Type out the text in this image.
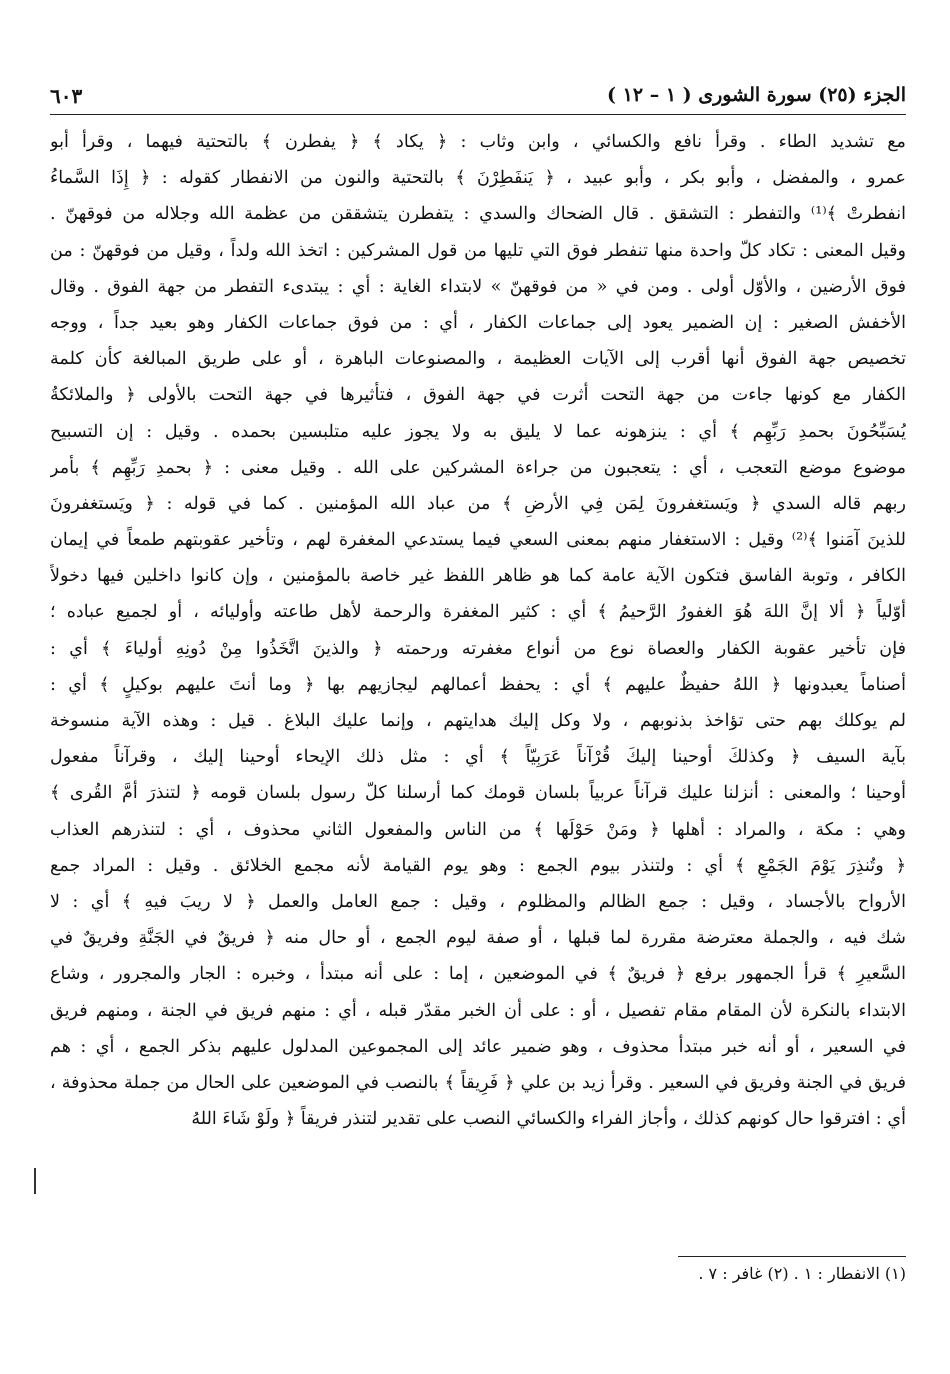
الجزء (٢٥) سورة الشورى ( ١ – ١٢ )
٦٠٣
مع تشديد الطاء . وقرأ نافع والكسائي ، وابن وثاب : ﴿ يكاد ﴾ ﴿ يفطرن ﴾ بالتحتية فيهما ، وقرأ أبو
عمرو ، والمفضل ، وأبو بكر ، وأبو عبيد ، ﴿ يَنفَطِرْنَ ﴾ بالتحتية والنون من الانفطار كقوله : ﴿ إِذَا السَّماءُ
انفطرتْ ﴾⁽¹⁾ والتفطر : التشقق . قال الضحاك والسدي : يتفطرن يتشققن من عظمة الله وجلاله من فوقهنّ .
وقيل المعنى : تكاد كلّ واحدة منها تنفطر فوق التي تليها من قول المشركين : اتخذ الله ولداً ، وقيل من فوقهنّ : من
فوق الأرضين ، والأوّل أولى . ومن في « من فوقهنّ » لابتداء الغاية : أي : يبتدىء التفطر من جهة الفوق . وقال
الأخفش الصغير : إن الضمير يعود إلى جماعات الكفار ، أي : من فوق جماعات الكفار وهو بعيد جداً ، ووجه
تخصيص جهة الفوق أنها أقرب إلى الآيات العظيمة ، والمصنوعات الباهرة ، أو على طريق المبالغة كأن كلمة
الكفار مع كونها جاءت من جهة التحت أثرت في جهة الفوق ، فتأثيرها في جهة التحت بالأولى ﴿ والملائكةُ
يُسَبِّحُونَ بحمدِ رَبِّهِم ﴾ أي : ينزهونه عما لا يليق به ولا يجوز عليه متلبسين بحمده . وقيل : إن التسبيح
موضوع موضع التعجب ، أي : يتعجبون من جراءة المشركين على الله . وقيل معنى : ﴿ بحمدِ رَبِّهِم ﴾ بأمر
ربهم قاله السدي ﴿ ويَستغفرونَ لِمَن فِي الأرضِ ﴾ من عباد الله المؤمنين . كما في قوله : ﴿ ويَستغفرونَ
للذينَ آمَنوا ﴾⁽²⁾ وقيل : الاستغفار منهم بمعنى السعي فيما يستدعي المغفرة لهم ، وتأخير عقوبتهم طمعاً في إيمان
الكافر ، وتوبة الفاسق فتكون الآية عامة كما هو ظاهر اللفظ غير خاصة بالمؤمنين ، وإن كانوا داخلين فيها دخولاً
أوّلياً ﴿ ألا إنَّ اللهَ هُوَ الغفورُ الرَّحيمُ ﴾ أي : كثير المغفرة والرحمة لأهل طاعته وأوليائه ، أو لجميع عباده ؛
فإن تأخير عقوبة الكفار والعصاة نوع من أنواع مغفرته ورحمته ﴿ والذينَ اتَّخَذُوا مِنْ دُونِهِ أولياءَ ﴾ أي :
أصناماً يعبدونها ﴿ اللهُ حفيظٌ عليهم ﴾ أي : يحفظ أعمالهم ليجازيهم بها ﴿ وما أنتَ عليهم بوكيلٍ ﴾ أي :
لم يوكلك بهم حتى تؤاخذ بذنوبهم ، ولا وكل إليك هدايتهم ، وإنما عليك البلاغ . قيل : وهذه الآية منسوخة
بآية السيف ﴿ وكذلكَ أوحينا إليكَ قُرْآناً عَرَبِيّاً ﴾ أي : مثل ذلك الإيحاء أوحينا إليك ، وقرآناً مفعول
أوحينا ؛ والمعنى : أنزلنا عليك قرآناً عربياً بلسان قومك كما أرسلنا كلّ رسول بلسان قومه ﴿ لتنذرَ أمَّ القُرى ﴾
وهي : مكة ، والمراد : أهلها ﴿ ومَنْ حَوْلَها ﴾ من الناس والمفعول الثاني محذوف ، أي : لتنذرهم العذاب
﴿ وتُنذِرَ يَوْمَ الجَمْعِ ﴾ أي : ولتنذر بيوم الجمع : وهو يوم القيامة لأنه مجمع الخلائق . وقيل : المراد جمع
الأرواح بالأجساد ، وقيل : جمع الظالم والمظلوم ، وقيل : جمع العامل والعمل ﴿ لا ريبَ فيهِ ﴾ أي : لا
شك فيه ، والجملة معترضة مقررة لما قبلها ، أو صفة ليوم الجمع ، أو حال منه ﴿ فريقٌ في الجَنَّةِ وفريقٌ في
السَّعيرِ ﴾ قرأ الجمهور برفع ﴿ فريقٌ ﴾ في الموضعين ، إما : على أنه مبتدأ ، وخبره : الجار والمجرور ، وشاع
الابتداء بالنكرة لأن المقام مقام تفصيل ، أو : على أن الخبر مقدّر قبله ، أي : منهم فريق في الجنة ، ومنهم فريق
في السعير ، أو أنه خبر مبتدأ محذوف ، وهو ضمير عائد إلى المجموعين المدلول عليهم بذكر الجمع ، أي : هم
فريق في الجنة وفريق في السعير . وقرأ زيد بن علي ﴿ فَرِيقاً ﴾ بالنصب في الموضعين على الحال من جملة محذوفة ،
أي : افترقوا حال كونهم كذلك ، وأجاز الفراء والكسائي النصب على تقدير لتنذر فريقاً ﴿ ولَوْ شَاءَ اللهُ
(١) الانفطار : ١ . (٢) غافر : ٧ .
